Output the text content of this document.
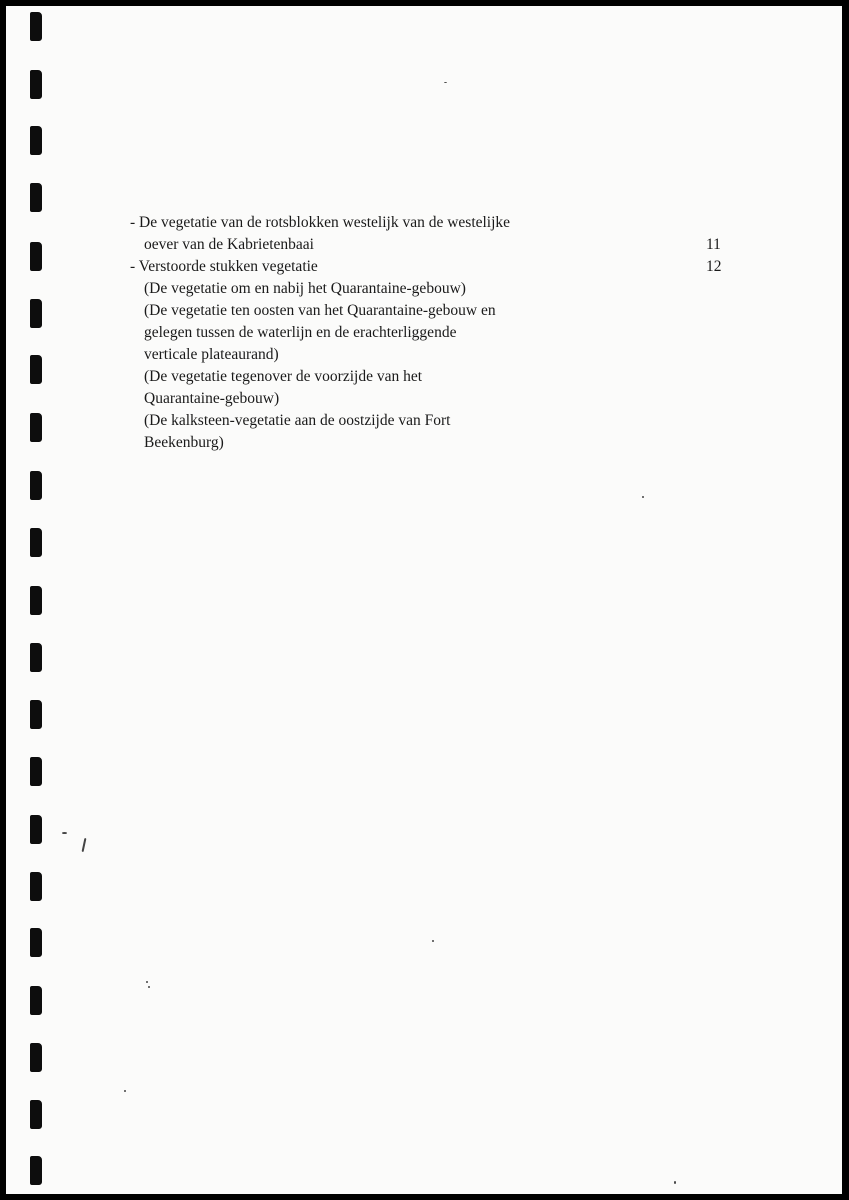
- De vegetatie van de rotsblokken westelijk van de westelijke
oever van de Kabrietenbaai	11
- Verstoorde stukken vegetatie	12
(De vegetatie om en nabij het Quarantaine-gebouw)
(De vegetatie ten oosten van het Quarantaine-gebouw en
gelegen tussen de waterlijn en de erachterliggende
verticale plateaurand)
(De vegetatie tegenover de voorzijde van het
Quarantaine-gebouw)
(De kalksteen-vegetatie aan de oostzijde van Fort
Beekenburg)
